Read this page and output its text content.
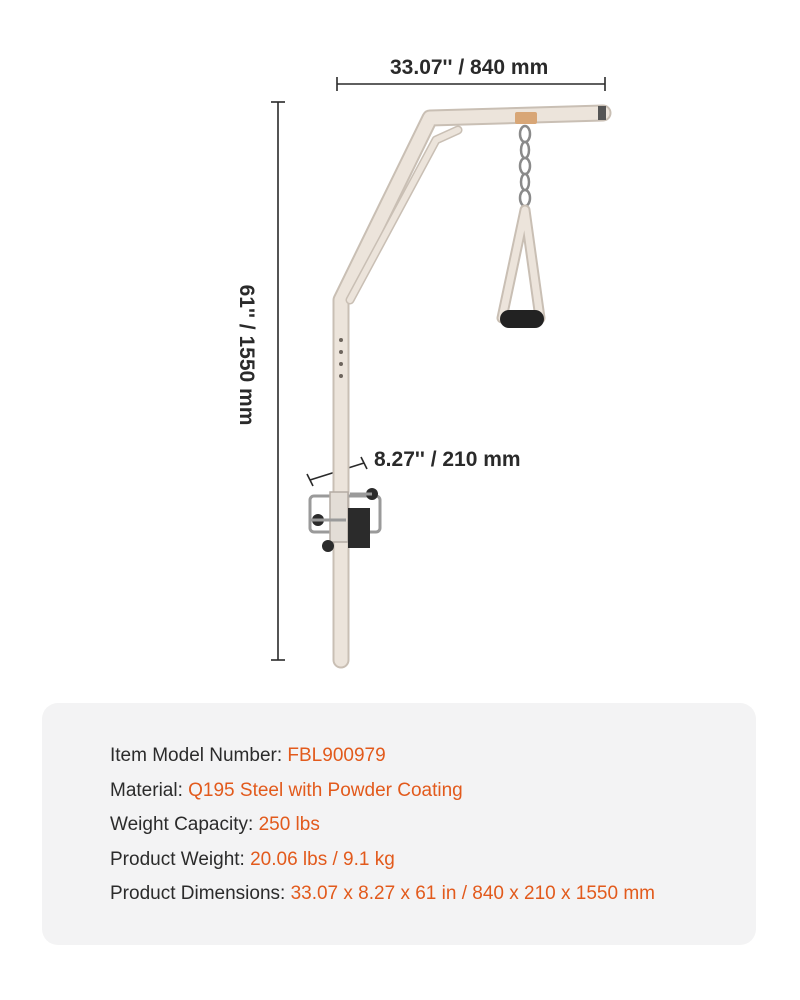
33.07'' / 840 mm
61'' / 1550 mm
8.27'' / 210 mm
Item Model Number: FBL900979
Material: Q195 Steel with Powder Coating
Weight Capacity: 250 lbs
Product Weight: 20.06 lbs / 9.1 kg
Product Dimensions: 33.07 x 8.27 x 61 in / 840 x 210 x 1550 mm
